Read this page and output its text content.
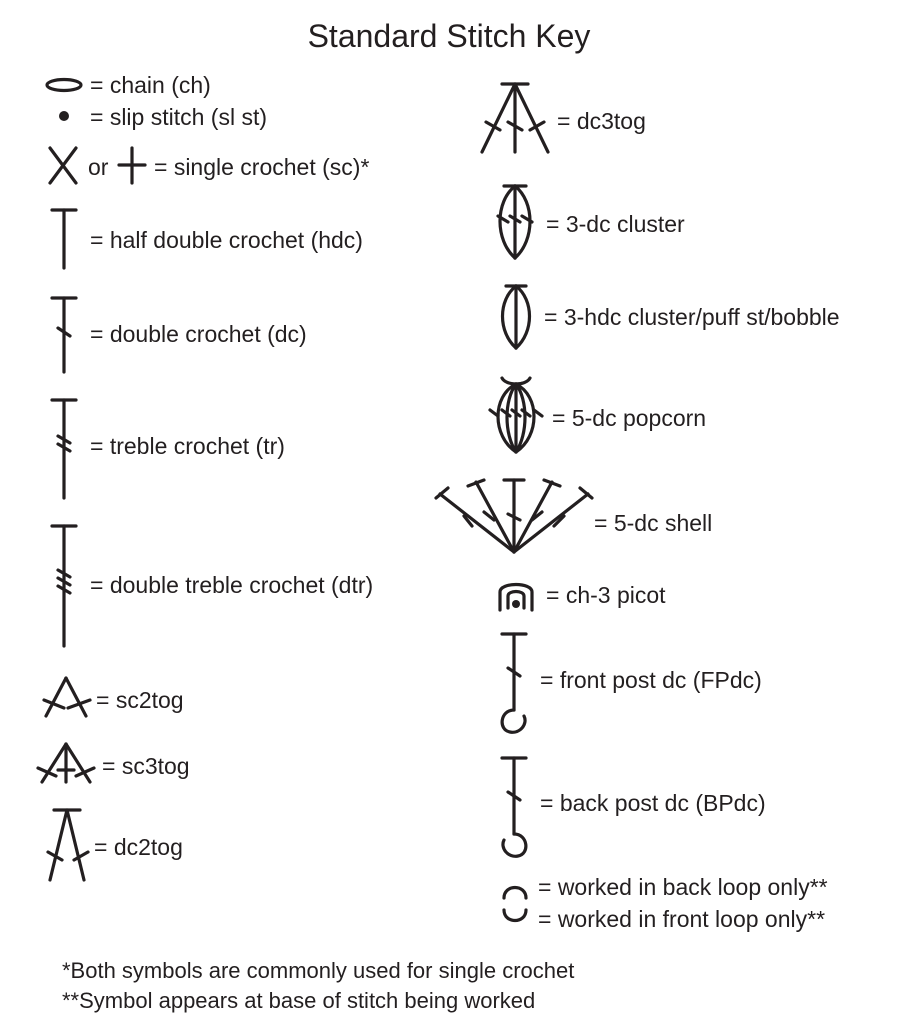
Standard Stitch Key
= chain (ch)
= slip stitch (sl st)
or = single crochet (sc)*
= half double crochet (hdc)
= double crochet (dc)
= treble crochet (tr)
= double treble crochet (dtr)
= sc2tog
= sc3tog
= dc2tog
= dc3tog
= 3-dc cluster
= 3-hdc cluster/puff st/bobble
= 5-dc popcorn
= 5-dc shell
= ch-3 picot
= front post dc (FPdc)
= back post dc (BPdc)
= worked in back loop only**
= worked in front loop only**
*Both symbols are commonly used for single crochet
**Symbol appears at base of stitch being worked
